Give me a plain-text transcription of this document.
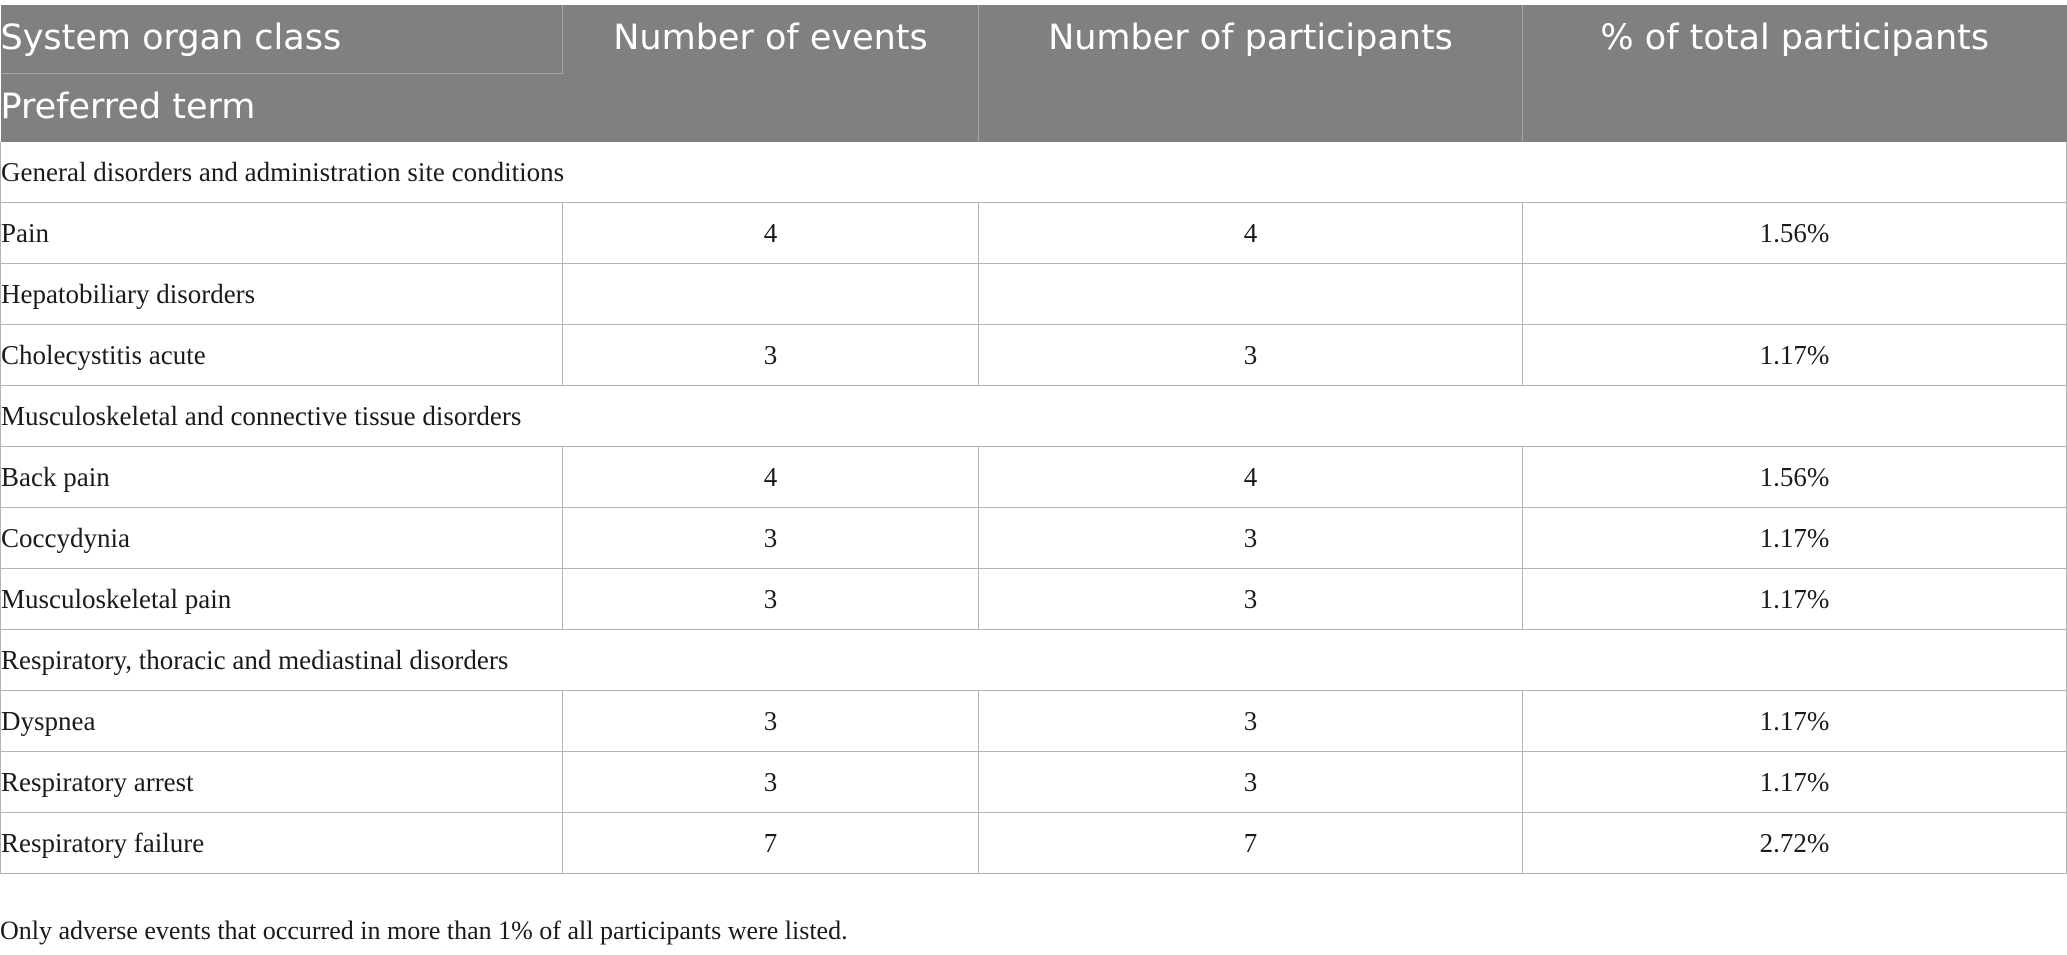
System organ class	Number of events	Number of participants	% of total participants
Preferred term			
General disorders and administration site conditions			
Pain	4	4	1.56%
Hepatobiliary disorders			
Cholecystitis acute	3	3	1.17%
Musculoskeletal and connective tissue disorders			
Back pain	4	4	1.56%
Coccydynia	3	3	1.17%
Musculoskeletal pain	3	3	1.17%
Respiratory, thoracic and mediastinal disorders			
Dyspnea	3	3	1.17%
Respiratory arrest	3	3	1.17%
Respiratory failure	7	7	2.72%
Only adverse events that occurred in more than 1% of all participants were listed.
